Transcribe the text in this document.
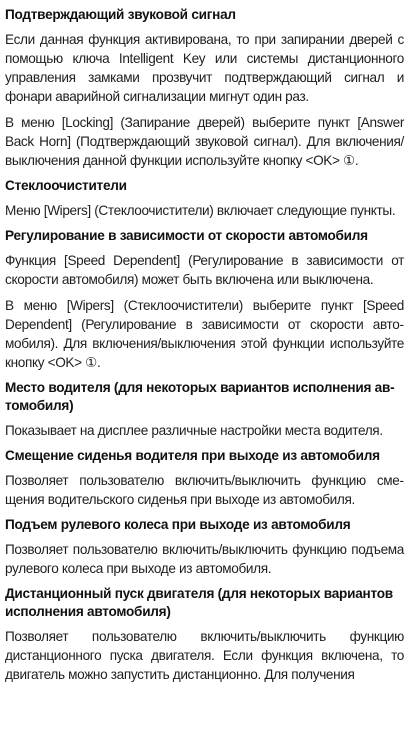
Подтверждающий звуковой сигнал

Если данная функция активирована, то при запирании дверей с помощью ключа Intelligent Key или системы дистанционного управления замками прозвучит подтверждающий сигнал и фонари аварийной сигнализации мигнут один раз.

В меню [Locking] (Запирание дверей) выберите пункт [Answer Back Horn] (Подтверждающий звуковой сигнал). Для включения/выключения данной функции используйте кнопку <OK> ①.

Стеклоочистители

Меню [Wipers] (Стеклоочистители) включает следующие пункты.

Регулирование в зависимости от скорости автомобиля

Функция [Speed Dependent] (Регулирование в зависимости от скорости автомобиля) может быть включена или выключена.

В меню [Wipers] (Стеклоочистители) выберите пункт [Speed Dependent] (Регулирование в зависимости от скорости автомобиля). Для включения/выключения этой функции используйте кнопку <OK> ①.

Место водителя (для некоторых вариантов исполнения автомобиля)

Показывает на дисплее различные настройки места водителя.

Смещение сиденья водителя при выходе из автомобиля

Позволяет пользователю включить/выключить функцию смещения водительского сиденья при выходе из автомобиля.

Подъем рулевого колеса при выходе из автомобиля

Позволяет пользователю включить/выключить функцию подъема рулевого колеса при выходе из автомобиля.

Дистанционный пуск двигателя (для некоторых вариантов исполнения автомобиля)

Позволяет пользователю включить/выключить функцию дистанционного пуска двигателя. Если функция включена, то двигатель можно запустить дистанционно. Для получения
